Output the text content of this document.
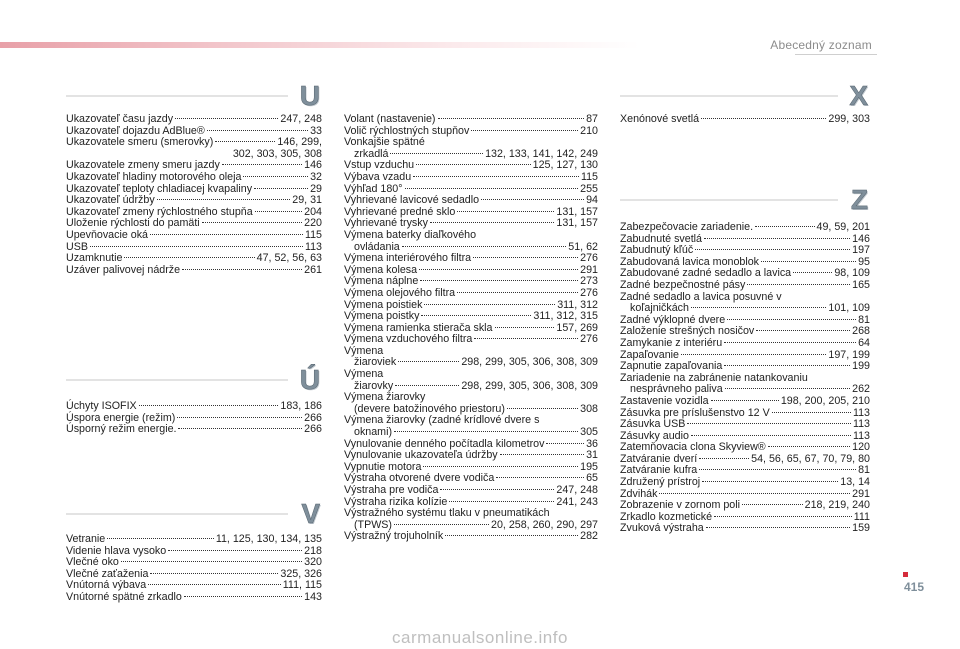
Abecedný zoznam
U
Ú
V
X
Z
Ukazovateľ času jazdy	247, 248
Ukazovateľ dojazdu AdBlue®	33
Ukazovatele smeru (smerovky)	146, 299,
302, 303, 305, 308
Ukazovatele zmeny smeru jazdy	146
Ukazovateľ hladiny motorového oleja	32
Ukazovateľ teploty chladiacej kvapaliny	29
Ukazovateľ údržby	29, 31
Ukazovateľ zmeny rýchlostného stupňa	204
Uloženie rýchlosti do pamäti	220
Upevňovacie oká	115
USB	113
Uzamknutie	47, 52, 56, 63
Uzáver palivovej nádrže	261
Úchyty ISOFIX	183, 186
Úspora energie (režim)	266
Úsporný režim energie.	266
Vetranie	11, 125, 130, 134, 135
Videnie hlava vysoko	218
Vlečné oko	320
Vlečné zaťaženia	325, 326
Vnútorná výbava	111, 115
Vnútorné spätné zrkadlo	143
Volant (nastavenie)	87
Volič rýchlostných stupňov	210
Vonkajšie spätné
zrkadlá	132, 133, 141, 142, 249
Vstup vzduchu	125, 127, 130
Výbava vzadu	115
Výhľad 180°	255
Vyhrievané lavicové sedadlo	94
Vyhrievané predné sklo	131, 157
Vyhrievané trysky	131, 157
Výmena baterky diaľkového
ovládania	51, 62
Výmena interiérového filtra	276
Výmena kolesa	291
Výmena náplne	273
Výmena olejového filtra	276
Výmena poistiek	311, 312
Výmena poistky	311, 312, 315
Výmena ramienka stierača skla	157, 269
Výmena vzduchového filtra	276
Výmena
žiaroviek	298, 299, 305, 306, 308, 309
Výmena
žiarovky	298, 299, 305, 306, 308, 309
Výmena žiarovky
(devere batožinového priestoru)	308
Výmena žiarovky (zadné krídlové dvere s
oknami)	305
Vynulovanie denného počítadla kilometrov	36
Vynulovanie ukazovateľa údržby	31
Vypnutie motora	195
Výstraha otvorené dvere vodiča	65
Výstraha pre vodiča	247, 248
Výstraha rizika kolízie	241, 243
Výstražného systému tlaku v pneumatikách
(TPWS)	20, 258, 260, 290, 297
Výstražný trojuholník	282
Xenónové svetlá	299, 303
Zabezpečovacie zariadenie.	49, 59, 201
Zabudnuté svetlá	146
Zabudnutý kľúč	197
Zabudovaná lavica monoblok	95
Zabudované zadné sedadlo a lavica	98, 109
Zadné bezpečnostné pásy	165
Zadné sedadlo a lavica posuvné v
koľajničkách	101, 109
Zadné výklopné dvere	81
Založenie strešných nosičov	268
Zamykanie z interiéru	64
Zapaľovanie	197, 199
Zapnutie zapaľovania	199
Zariadenie na zabránenie natankovaniu
nesprávneho paliva	262
Zastavenie vozidla	198, 200, 205, 210
Zásuvka pre príslušenstvo 12 V	113
Zásuvka USB	113
Zásuvky audio	113
Zatemňovacia clona Skyview®	120
Zatváranie dverí	54, 56, 65, 67, 70, 79, 80
Zatváranie kufra	81
Združený prístroj	13, 14
Zdvihák	291
Zobrazenie v zornom poli	218, 219, 240
Zrkadlo kozmetické	111
Zvuková výstraha	159
415
carmanualsonline.info
